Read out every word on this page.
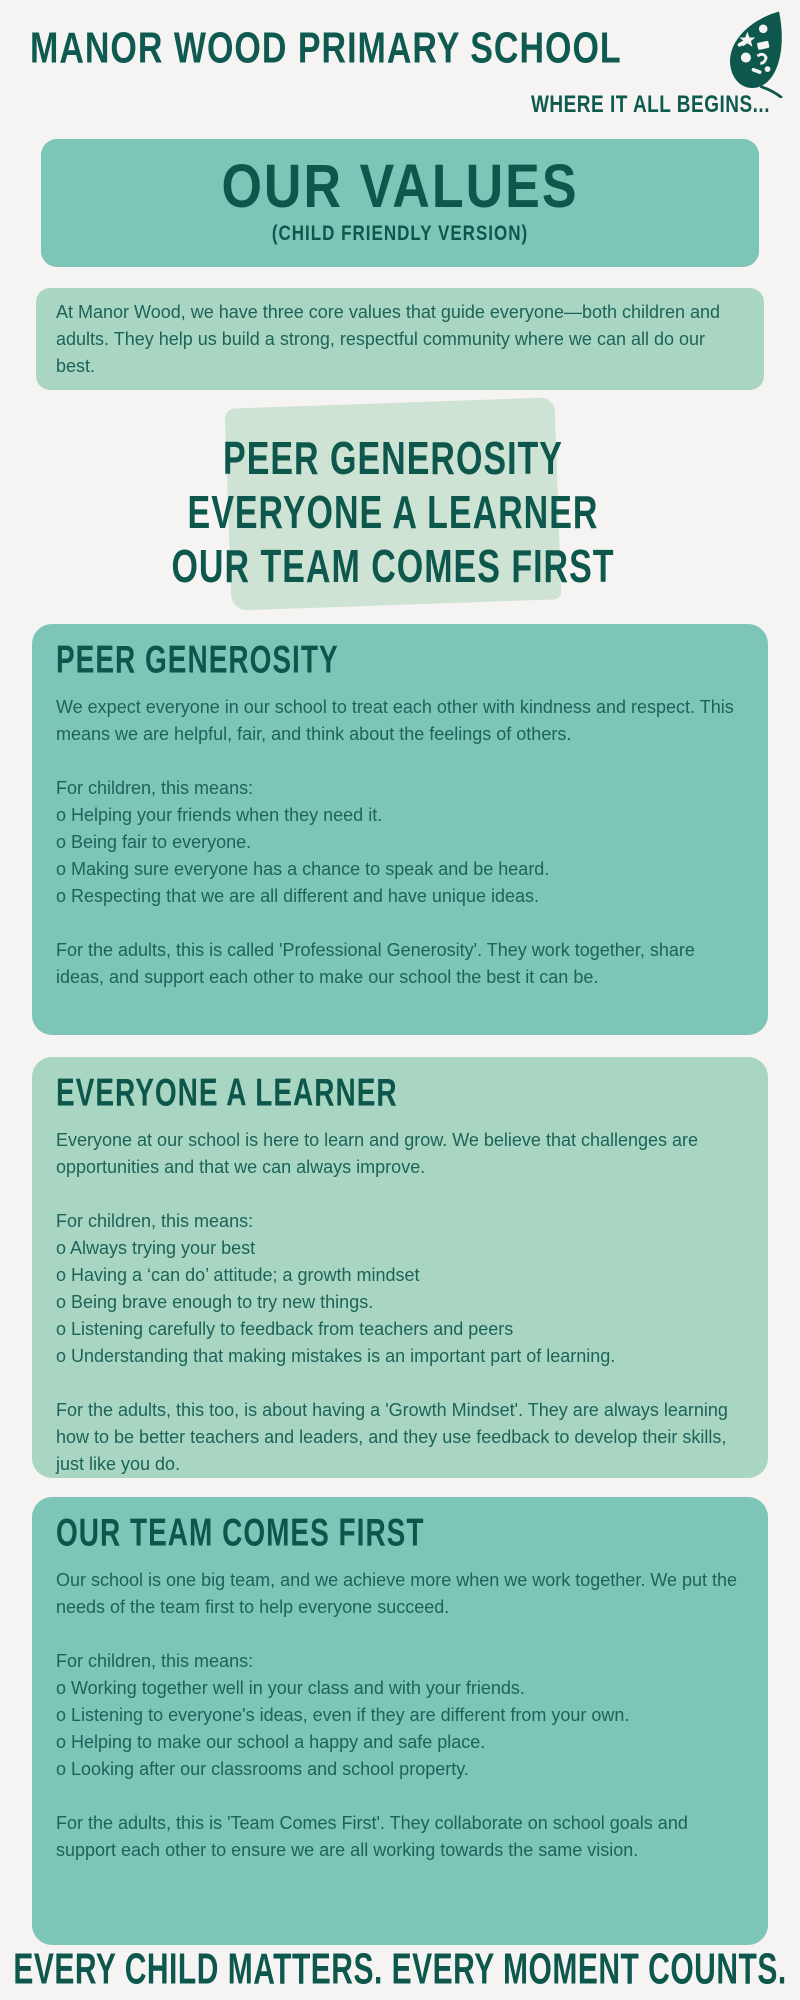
MANOR WOOD PRIMARY SCHOOL
WHERE IT ALL BEGINS...
OUR VALUES
(CHILD FRIENDLY VERSION)
At Manor Wood, we have three core values that guide everyone—both children and adults. They help us build a strong, respectful community where we can all do our best.
PEER GENEROSITY
EVERYONE A LEARNER
OUR TEAM COMES FIRST
PEER GENEROSITY

We expect everyone in our school to treat each other with kindness and respect. This means we are helpful, fair, and think about the feelings of others.

For children, this means:
o Helping your friends when they need it.
o Being fair to everyone.
o Making sure everyone has a chance to speak and be heard.
o Respecting that we are all different and have unique ideas.

For the adults, this is called 'Professional Generosity'. They work together, share ideas, and support each other to make our school the best it can be.

EVERYONE A LEARNER

Everyone at our school is here to learn and grow. We believe that challenges are opportunities and that we can always improve.

For children, this means:
o Always trying your best
o Having a ‘can do’ attitude; a growth mindset
o Being brave enough to try new things.
o Listening carefully to feedback from teachers and peers
o Understanding that making mistakes is an important part of learning.

For the adults, this too, is about having a 'Growth Mindset'. They are always learning how to be better teachers and leaders, and they use feedback to develop their skills, just like you do.

OUR TEAM COMES FIRST

Our school is one big team, and we achieve more when we work together. We put the needs of the team first to help everyone succeed.

For children, this means:
o Working together well in your class and with your friends.
o Listening to everyone's ideas, even if they are different from your own.
o Helping to make our school a happy and safe place.
o Looking after our classrooms and school property.

For the adults, this is 'Team Comes First'. They collaborate on school goals and support each other to ensure we are all working towards the same vision.

EVERY CHILD MATTERS. EVERY MOMENT COUNTS.
